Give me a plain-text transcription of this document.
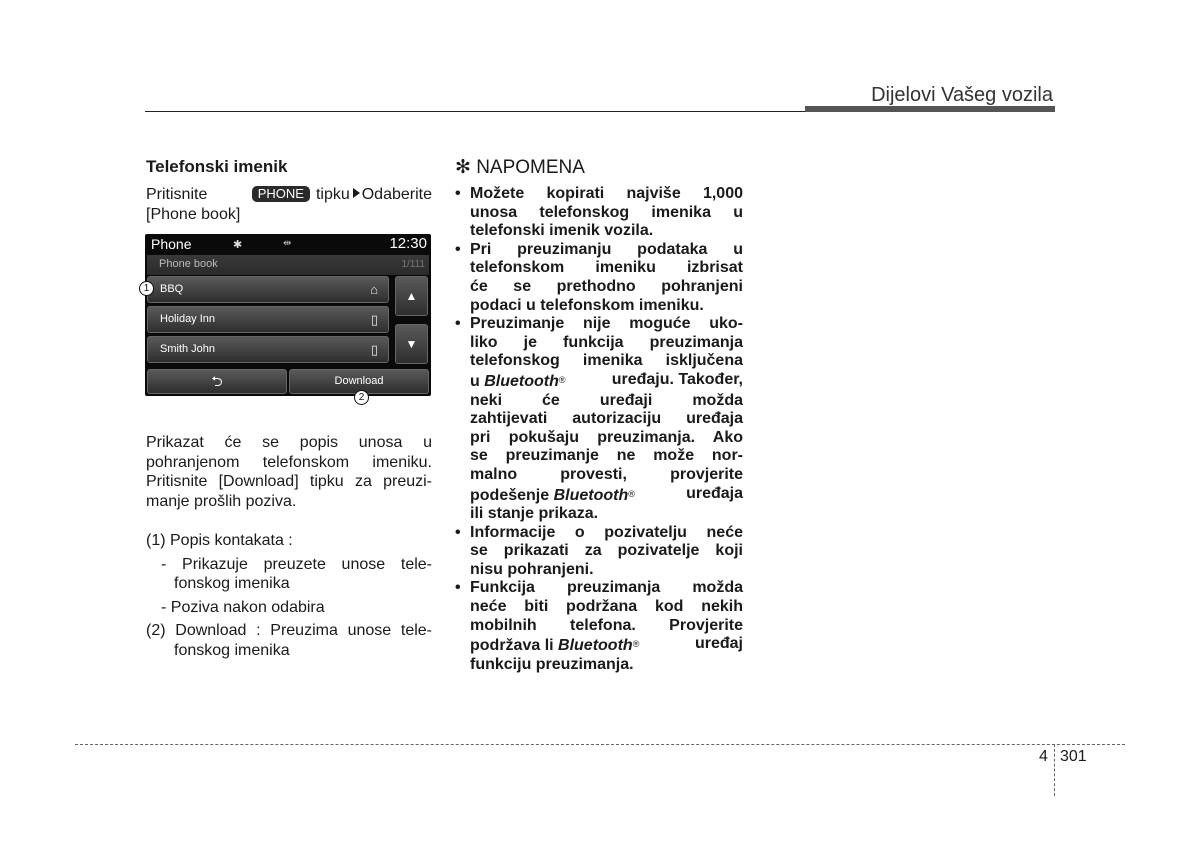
Dijelovi Vašeg vozila
Telefonski imenik
Pritisnite	PHONE tipku Odaberite
[Phone book]
Phone	✱	⇹	12:30
Phone book	1/111
BBQ	⌂
Holiday Inn	▯
Smith John	▯
▲
▼
⮌	Download
1
2
Prikazat će se popis unosa u
pohranjenom telefonskom imeniku.
Pritisnite [Download] tipku za preuzi-
manje prošlih poziva.
(1) Popis kontakata :
- Prikazuje preuzete unose tele-
fonskog imenika
- Poziva nakon odabira
(2) Download : Preuzima unose tele-
fonskog imenika
✻ NAPOMENA
• Možete kopirati najviše 1,000
unosa telefonskog imenika u
telefonski imenik vozila.
• Pri preuzimanju podataka u
telefonskom imeniku izbrisat
će se prethodno pohranjeni
podaci u telefonskom imeniku.
• Preuzimanje nije moguće uko-
liko je funkcija preuzimanja
telefonskog imenika isključena
u Bluetooth®	uređaju. Također,
neki će uređaji možda
zahtijevati autorizaciju uređaja
pri pokušaju preuzimanja. Ako
se preuzimanje ne može nor-
malno provesti, provjerite
podešenje Bluetooth®	uređaja
ili stanje prikaza.
• Informacije o pozivatelju neće
se prikazati za pozivatelje koji
nisu pohranjeni.
• Funkcija preuzimanja možda
neće biti podržana kod nekih
mobilnih telefona. Provjerite
podržava li Bluetooth®	uređaj
funkciju preuzimanja.
4 301
